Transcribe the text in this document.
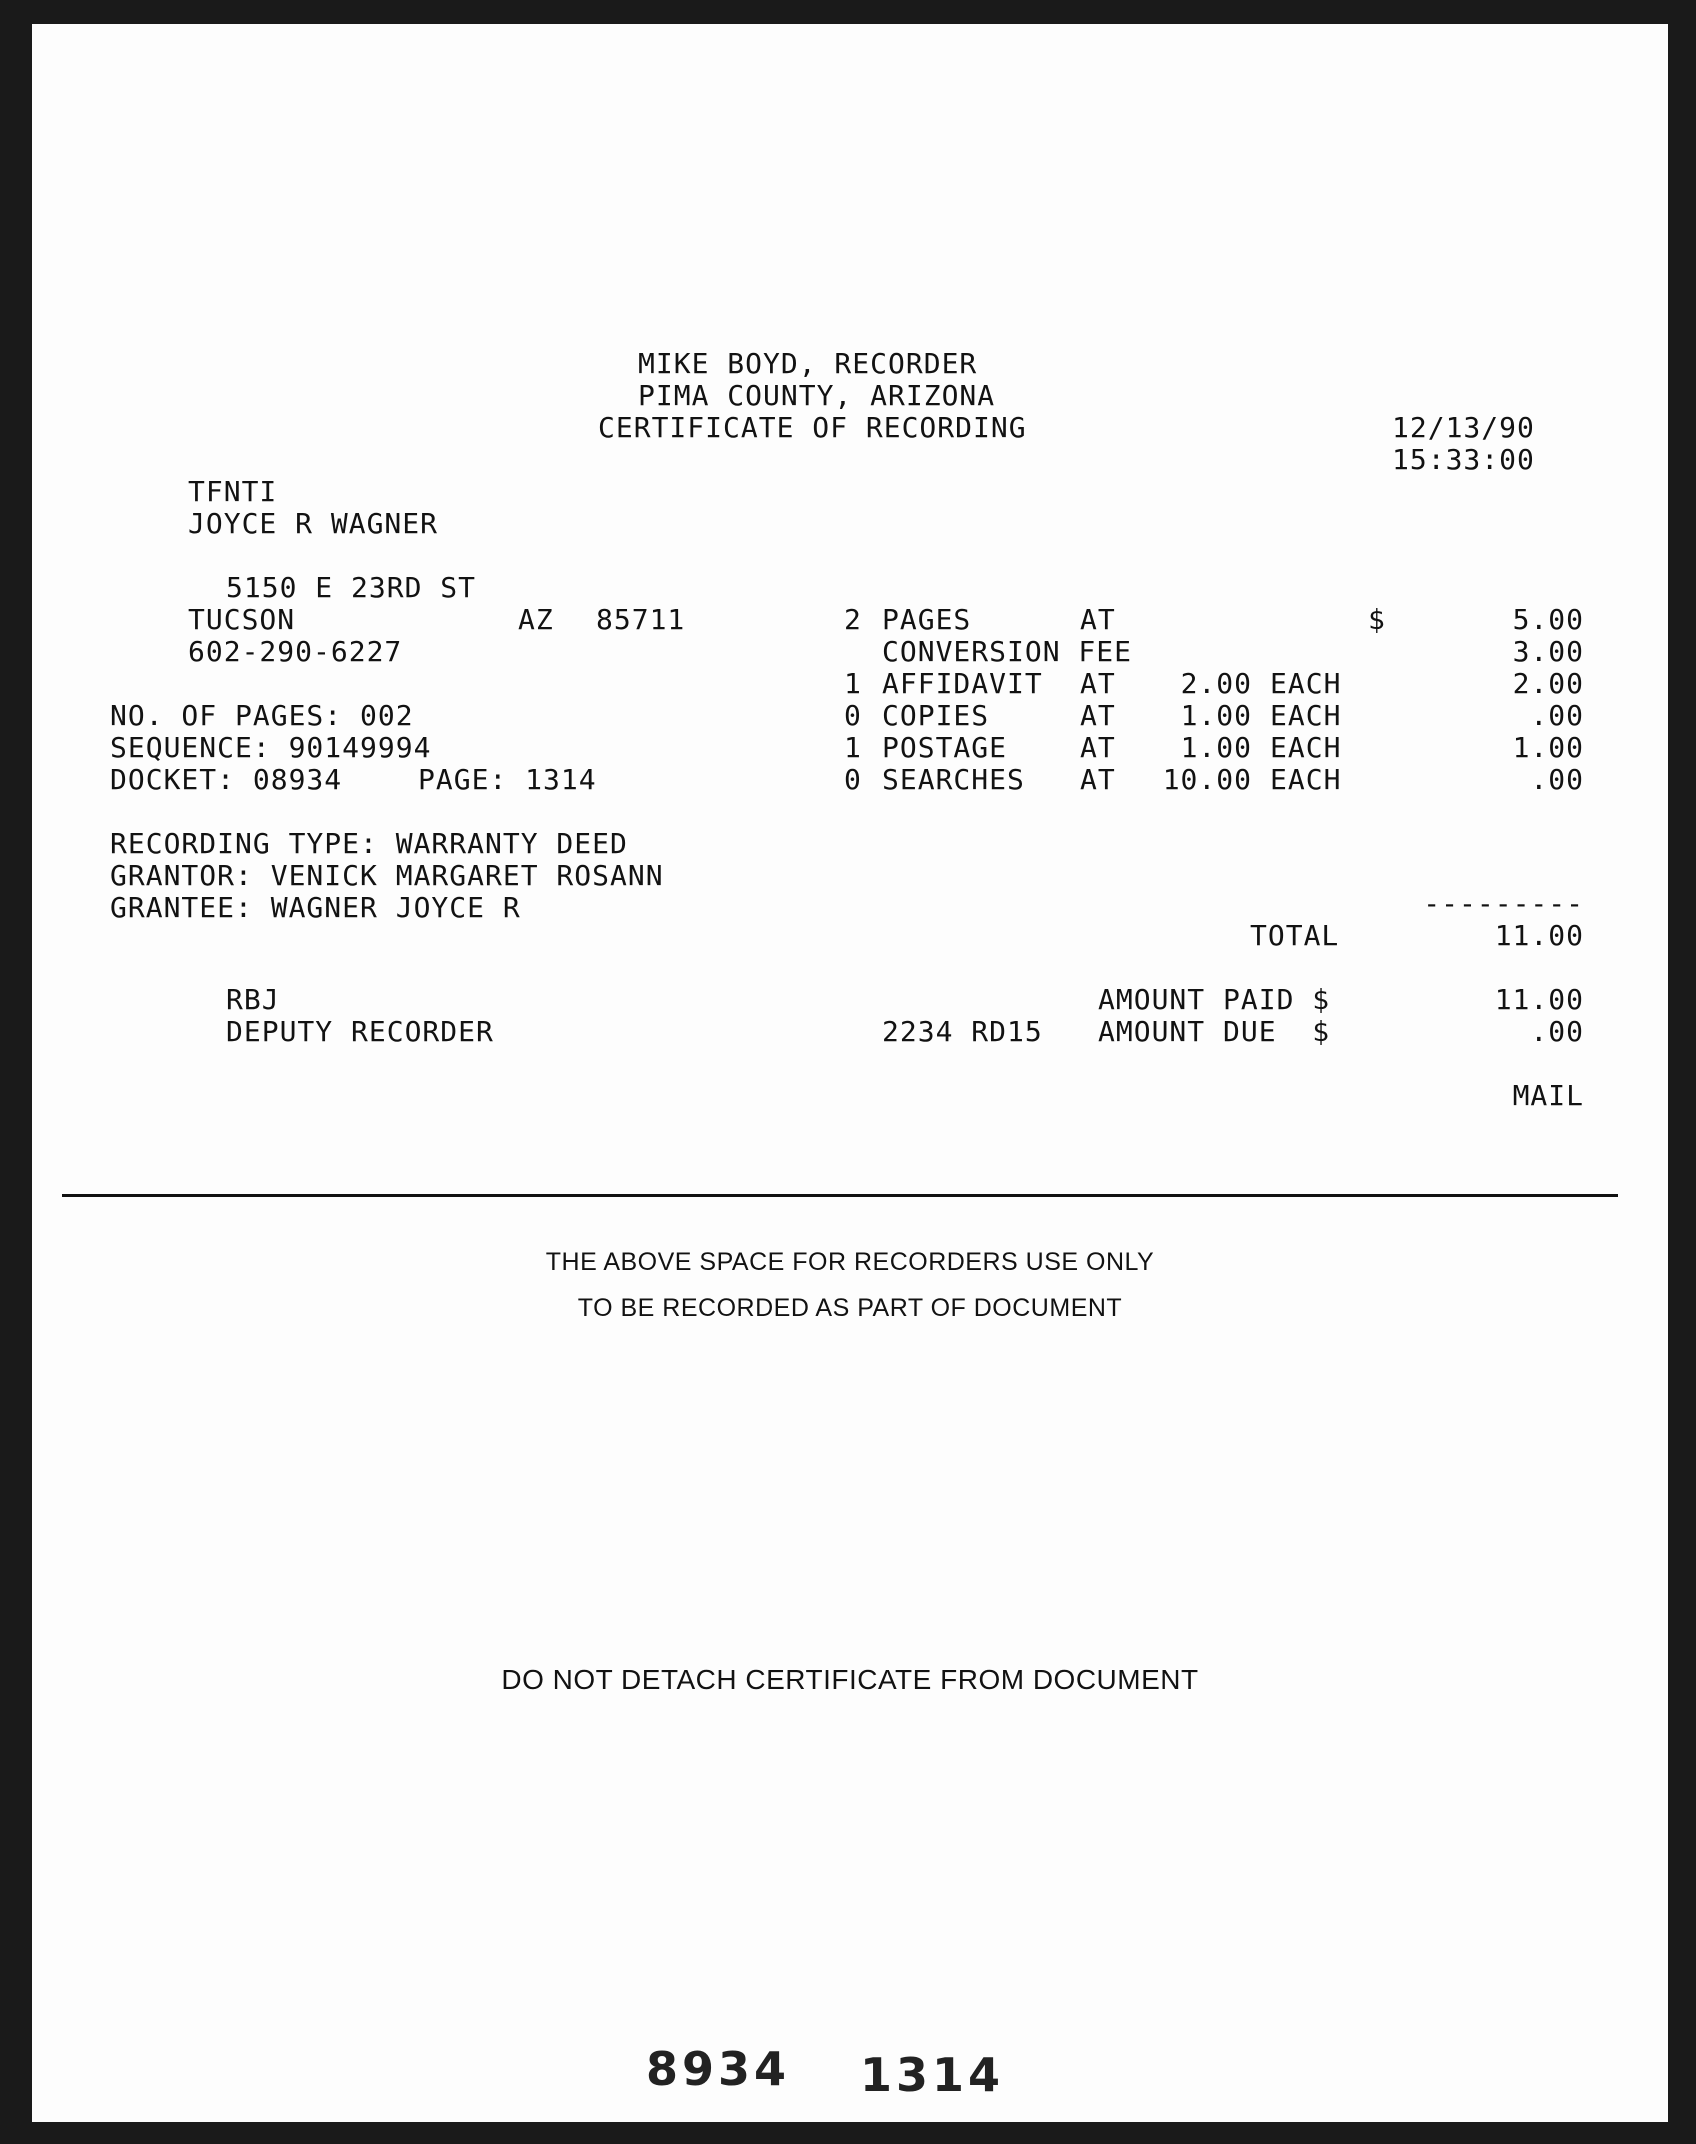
MIKE BOYD, RECORDER
PIMA COUNTY, ARIZONA
CERTIFICATE OF RECORDING	12/13/90
15:33:00
TFNTI
JOYCE R WAGNER
5150 E 23RD ST
TUCSON	AZ 85711
602-290-6227
NO. OF PAGES: 002
SEQUENCE: 90149994
DOCKET: 08934	PAGE: 1314
RECORDING TYPE: WARRANTY DEED
GRANTOR: VENICK MARGARET ROSANN
GRANTEE: WAGNER JOYCE R
2 PAGES	AT	$	5.00
CONVERSION FEE	3.00
1 AFFIDAVIT AT	2.00 EACH	2.00
0 COPIES	AT	1.00 EACH	.00
1 POSTAGE	AT	1.00 EACH	1.00
0 SEARCHES AT	10.00 EACH	.00
---------
TOTAL	11.00
RBJ
DEPUTY RECORDER	2234 RD15
AMOUNT PAID $	11.00
AMOUNT DUE  $	.00
MAIL
THE ABOVE SPACE FOR RECORDERS USE ONLY
TO BE RECORDED AS PART OF DOCUMENT
DO NOT DETACH CERTIFICATE FROM DOCUMENT
8934 1314
